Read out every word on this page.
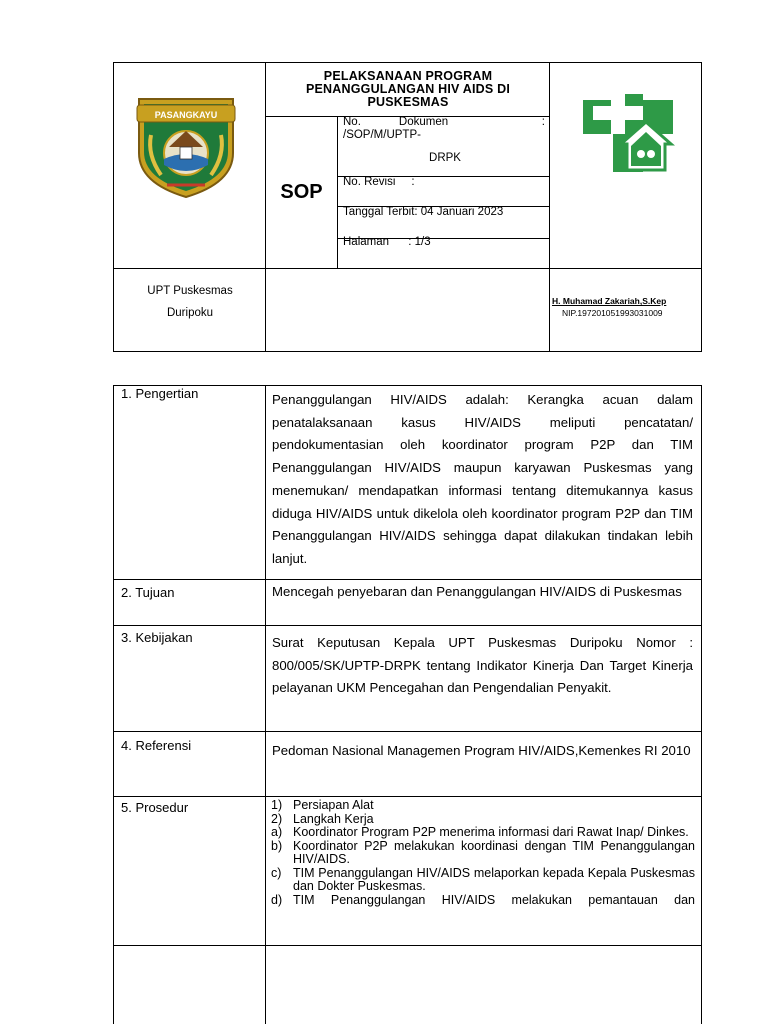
PASANGKAYU
PELAKSANAAN PROGRAM
PENANGGULANGAN HIV AIDS DI
PUSKESMAS
SOP
No.	Dokumen	:
/SOP/M/UPTP-
DRPK
No. Revisi     :
Tanggal Terbit: 04 Januari 2023
Halaman : 1/3
UPT Puskesmas
Duripoku
H. Muhamad Zakariah,S.Kep
NIP.197201051993031009
1. Pengertian	Penanggulangan HIV/AIDS adalah: Kerangka acuan dalam penatalaksanaan kasus HIV/AIDS meliputi pencatatan/ pendokumentasian oleh koordinator program P2P dan TIM Penanggulangan HIV/AIDS maupun karyawan Puskesmas yang menemukan/ mendapatkan informasi tentang ditemukannya kasus diduga HIV/AIDS untuk dikelola oleh koordinator program P2P dan TIM Penanggulangan HIV/AIDS sehingga dapat dilakukan tindakan lebih lanjut.
2. Tujuan	Mencegah penyebaran dan Penanggulangan HIV/AIDS di Puskesmas
3. Kebijakan	Surat Keputusan Kepala UPT Puskesmas Duripoku Nomor : 800/005/SK/UPTP-DRPK tentang Indikator Kinerja Dan Target Kinerja pelayanan UKM Pencegahan dan Pengendalian Penyakit.
4. Referensi	Pedoman Nasional Managemen Program HIV/AIDS,Kemenkes RI 2010
5. Prosedur	1) Persiapan Alat
2) Langkah Kerja
a) Koordinator Program P2P menerima informasi dari Rawat Inap/ Dinkes.
b) Koordinator P2P melakukan koordinasi dengan TIM Penanggulangan HIV/AIDS.
c) TIM Penanggulangan HIV/AIDS melaporkan kepada Kepala Puskesmas dan Dokter Puskesmas.
d) TIM Penanggulangan HIV/AIDS melakukan pemantauan dan
